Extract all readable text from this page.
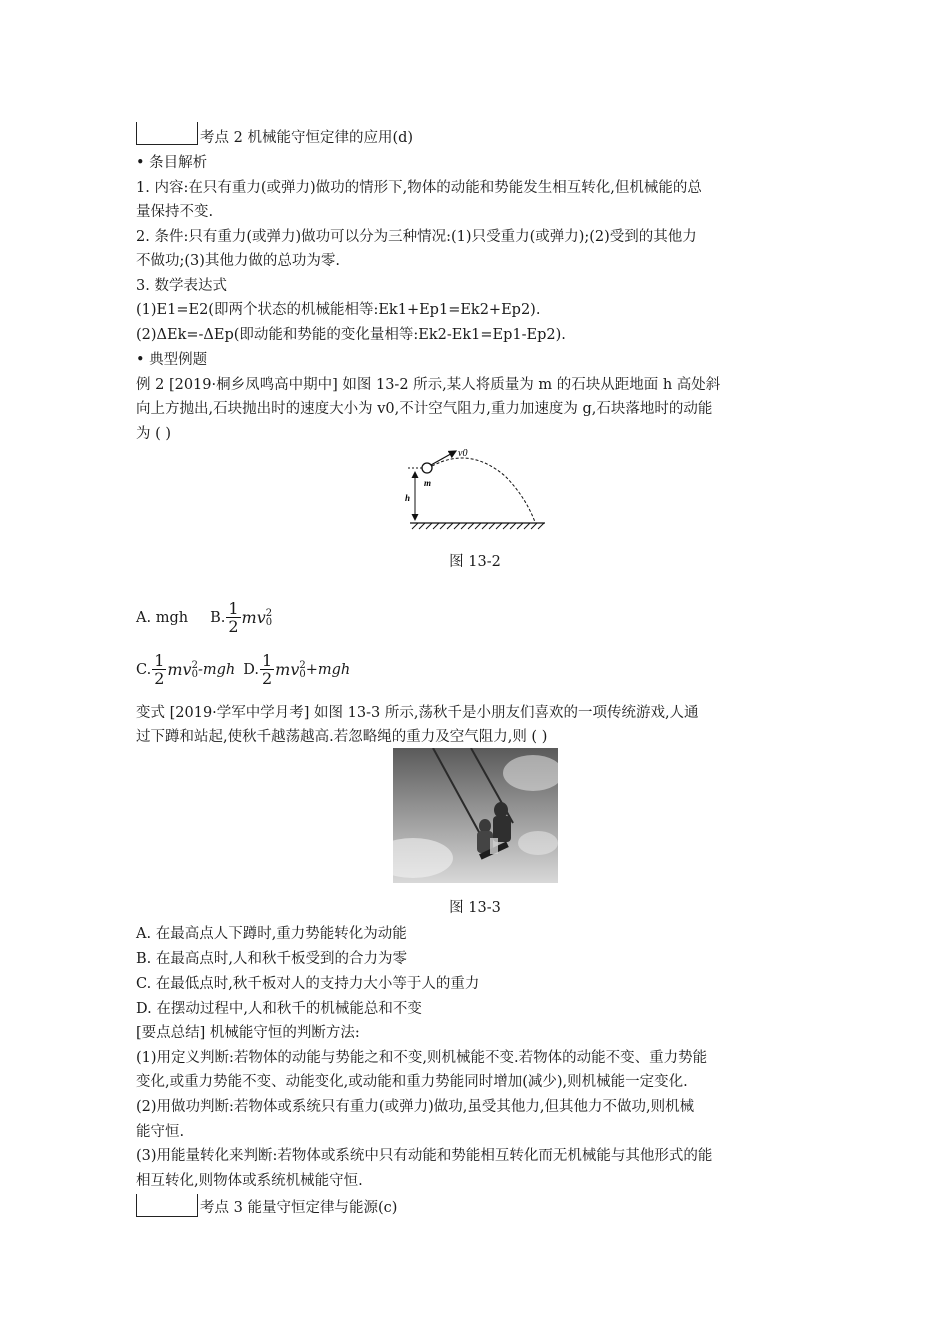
考点 2 机械能守恒定律的应用(d)
• 条目解析
1. 内容:在只有重力(或弹力)做功的情形下,物体的动能和势能发生相互转化,但机械能的总
量保持不变.
2. 条件:只有重力(或弹力)做功可以分为三种情况:(1)只受重力(或弹力);(2)受到的其他力
不做功;(3)其他力做的总功为零.
3. 数学表达式
(1)E1=E2(即两个状态的机械能相等:Ek1+Ep1=Ek2+Ep2).
(2)ΔEk=-ΔEp(即动能和势能的变化量相等:Ek2-Ek1=Ep1-Ep2).
• 典型例题
例 2 [2019·桐乡凤鸣高中期中] 如图 13-2 所示,某人将质量为 m 的石块从距地面 h 高处斜
向上方抛出,石块抛出时的速度大小为 v0,不计空气阻力,重力加速度为 g,石块落地时的动能
为 ( )
v0
m
h
图 13-2
A. mgh B. $\frac{1}{2}$ mv 2
0
C. $\frac{1}{2}$ mv 2
0 -mgh D. $\frac{1}{2}$ mv 2
0 +mgh
变式 [2019·学军中学月考] 如图 13-3 所示,荡秋千是小朋友们喜欢的一项传统游戏,人通
过下蹲和站起,使秋千越荡越高.若忽略绳的重力及空气阻力,则 ( )
图 13-3
A. 在最高点人下蹲时,重力势能转化为动能
B. 在最高点时,人和秋千板受到的合力为零
C. 在最低点时,秋千板对人的支持力大小等于人的重力
D. 在摆动过程中,人和秋千的机械能总和不变
[要点总结] 机械能守恒的判断方法:
(1)用定义判断:若物体的动能与势能之和不变,则机械能不变.若物体的动能不变、重力势能
变化,或重力势能不变、动能变化,或动能和重力势能同时增加(减少),则机械能一定变化.
(2)用做功判断:若物体或系统只有重力(或弹力)做功,虽受其他力,但其他力不做功,则机械
能守恒.
(3)用能量转化来判断:若物体或系统中只有动能和势能相互转化而无机械能与其他形式的能
相互转化,则物体或系统机械能守恒.
考点 3 能量守恒定律与能源(c)
